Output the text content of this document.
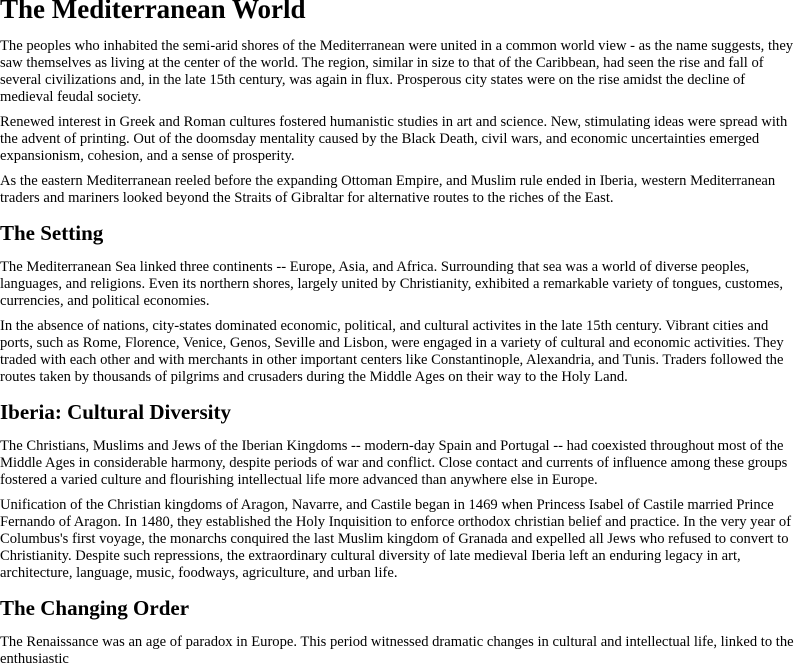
The Mediterranean World

The peoples who inhabited the semi-arid shores of the Mediterranean were united in a common world view - as the name suggests, they saw themselves as living at the center of the world. The region, similar in size to that of the Caribbean, had seen the rise and fall of several civilizations and, in the late 15th century, was again in flux. Prosperous city states were on the rise amidst the decline of medieval feudal society.

Renewed interest in Greek and Roman cultures fostered humanistic studies in art and science. New, stimulating ideas were spread with the advent of printing. Out of the doomsday mentality caused by the Black Death, civil wars, and economic uncertainties emerged expansionism, cohesion, and a sense of prosperity.

As the eastern Mediterranean reeled before the expanding Ottoman Empire, and Muslim rule ended in Iberia, western Mediterranean traders and mariners looked beyond the Straits of Gibraltar for alternative routes to the riches of the East.

The Setting

The Mediterranean Sea linked three continents -- Europe, Asia, and Africa. Surrounding that sea was a world of diverse peoples, languages, and religions. Even its northern shores, largely united by Christianity, exhibited a remarkable variety of tongues, customes, currencies, and political economies.

In the absence of nations, city-states dominated economic, political, and cultural activites in the late 15th century. Vibrant cities and ports, such as Rome, Florence, Venice, Genos, Seville and Lisbon, were engaged in a variety of cultural and economic activities. They traded with each other and with merchants in other important centers like Constantinople, Alexandria, and Tunis. Traders followed the routes taken by thousands of pilgrims and crusaders during the Middle Ages on their way to the Holy Land.

Iberia: Cultural Diversity

The Christians, Muslims and Jews of the Iberian Kingdoms -- modern-day Spain and Portugal -- had coexisted throughout most of the Middle Ages in considerable harmony, despite periods of war and conflict. Close contact and currents of influence among these groups fostered a varied culture and flourishing intellectual life more advanced than anywhere else in Europe.

Unification of the Christian kingdoms of Aragon, Navarre, and Castile began in 1469 when Princess Isabel of Castile married Prince Fernando of Aragon. In 1480, they established the Holy Inquisition to enforce orthodox christian belief and practice. In the very year of Columbus's first voyage, the monarchs conquired the last Muslim kingdom of Granada and expelled all Jews who refused to convert to Christianity. Despite such repressions, the extraordinary cultural diversity of late medieval Iberia left an enduring legacy in art, architecture, language, music, foodways, agriculture, and urban life.

The Changing Order

The Renaissance was an age of paradox in Europe. This period witnessed dramatic changes in cultural and intellectual life, linked to the enthusiastic
